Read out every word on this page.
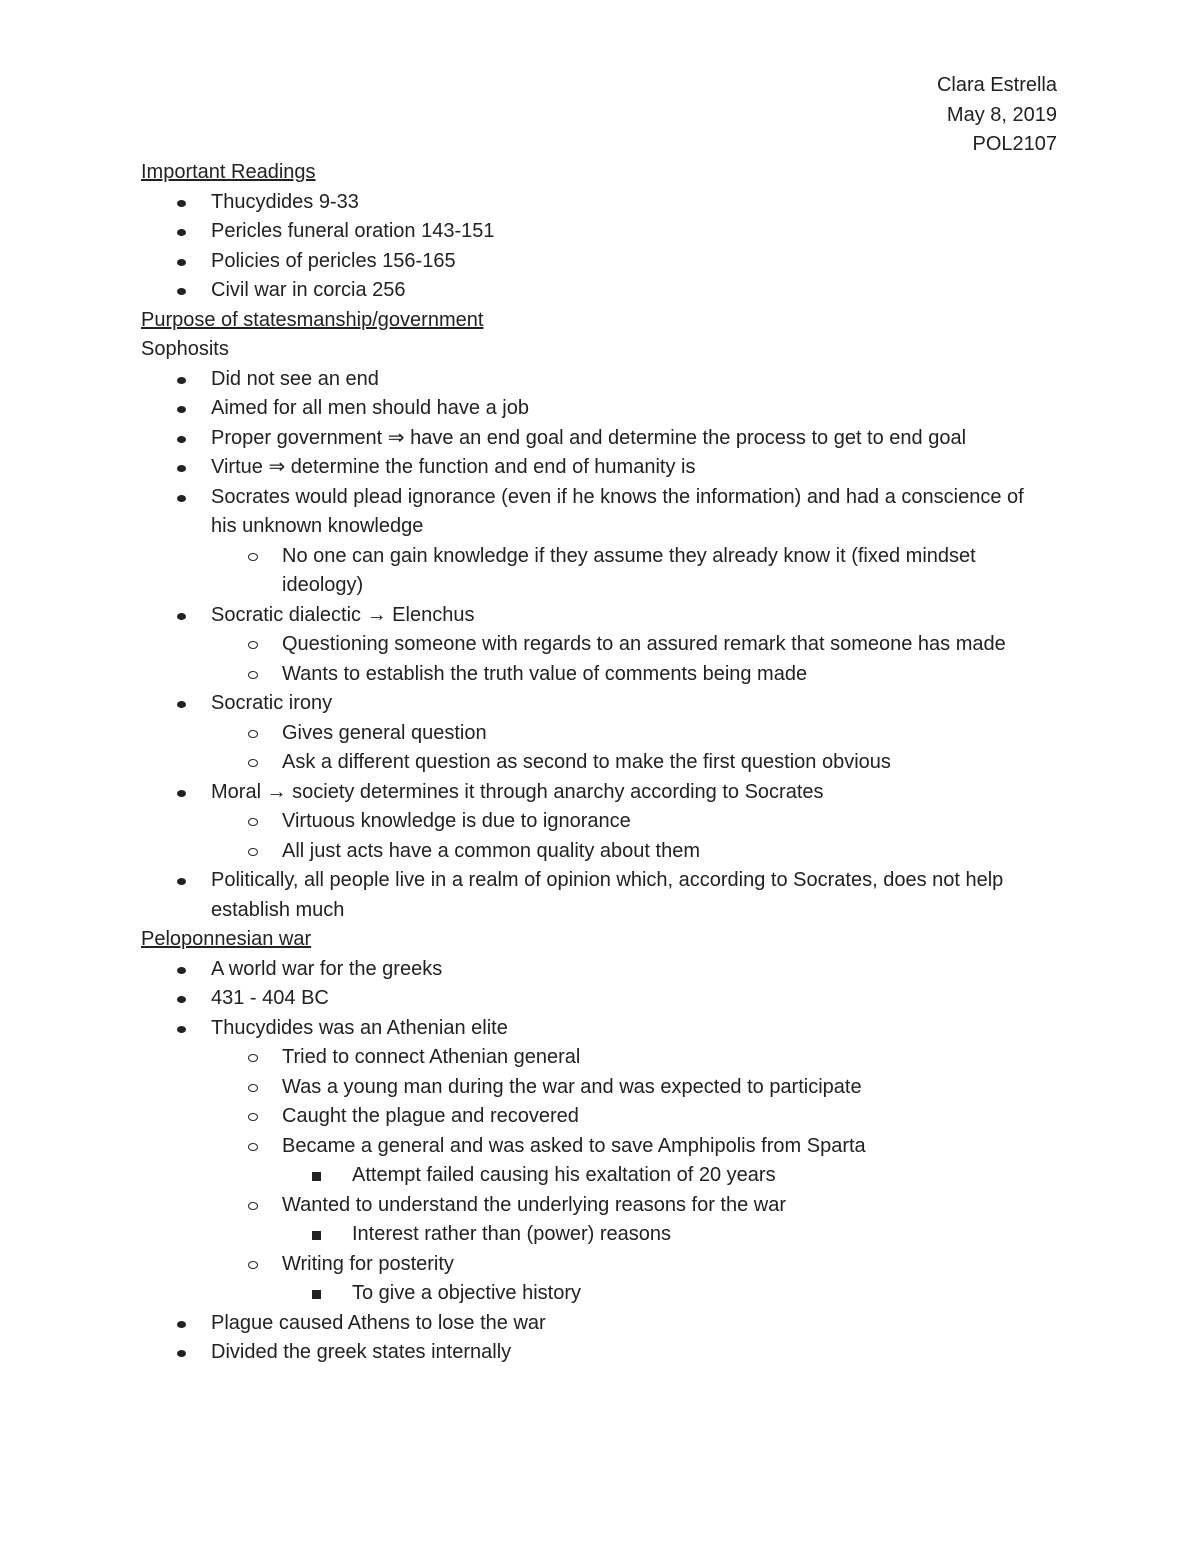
Clara Estrella
May 8, 2019
POL2107
Important Readings
Thucydides 9-33
Pericles funeral oration 143-151
Policies of pericles 156-165
Civil war in corcia 256
Purpose of statesmanship/government
Sophosits
Did not see an end
Aimed for all men should have a job
Proper government ⇒ have an end goal and determine the process to get to end goal
Virtue ⇒ determine the function and end of humanity is
Socrates would plead ignorance (even if he knows the information) and had a conscience of his unknown knowledge
No one can gain knowledge if they assume they already know it (fixed mindset ideology)
Socratic dialectic → Elenchus
Questioning someone with regards to an assured remark that someone has made
Wants to establish the truth value of comments being made
Socratic irony
Gives general question
Ask a different question as second to make the first question obvious
Moral → society determines it through anarchy according to Socrates
Virtuous knowledge is due to ignorance
All just acts have a common quality about them
Politically, all people live in a realm of opinion which, according to Socrates, does not help establish much
Peloponnesian war
A world war for the greeks
431 - 404 BC
Thucydides was an Athenian elite
Tried to connect Athenian general
Was a young man during the war and was expected to participate
Caught the plague and recovered
Became a general and was asked to save Amphipolis from Sparta
Attempt failed causing his exaltation of 20 years
Wanted to understand the underlying reasons for the war
Interest rather than (power) reasons
Writing for posterity
To give a objective history
Plague caused Athens to lose the war
Divided the greek states internally
